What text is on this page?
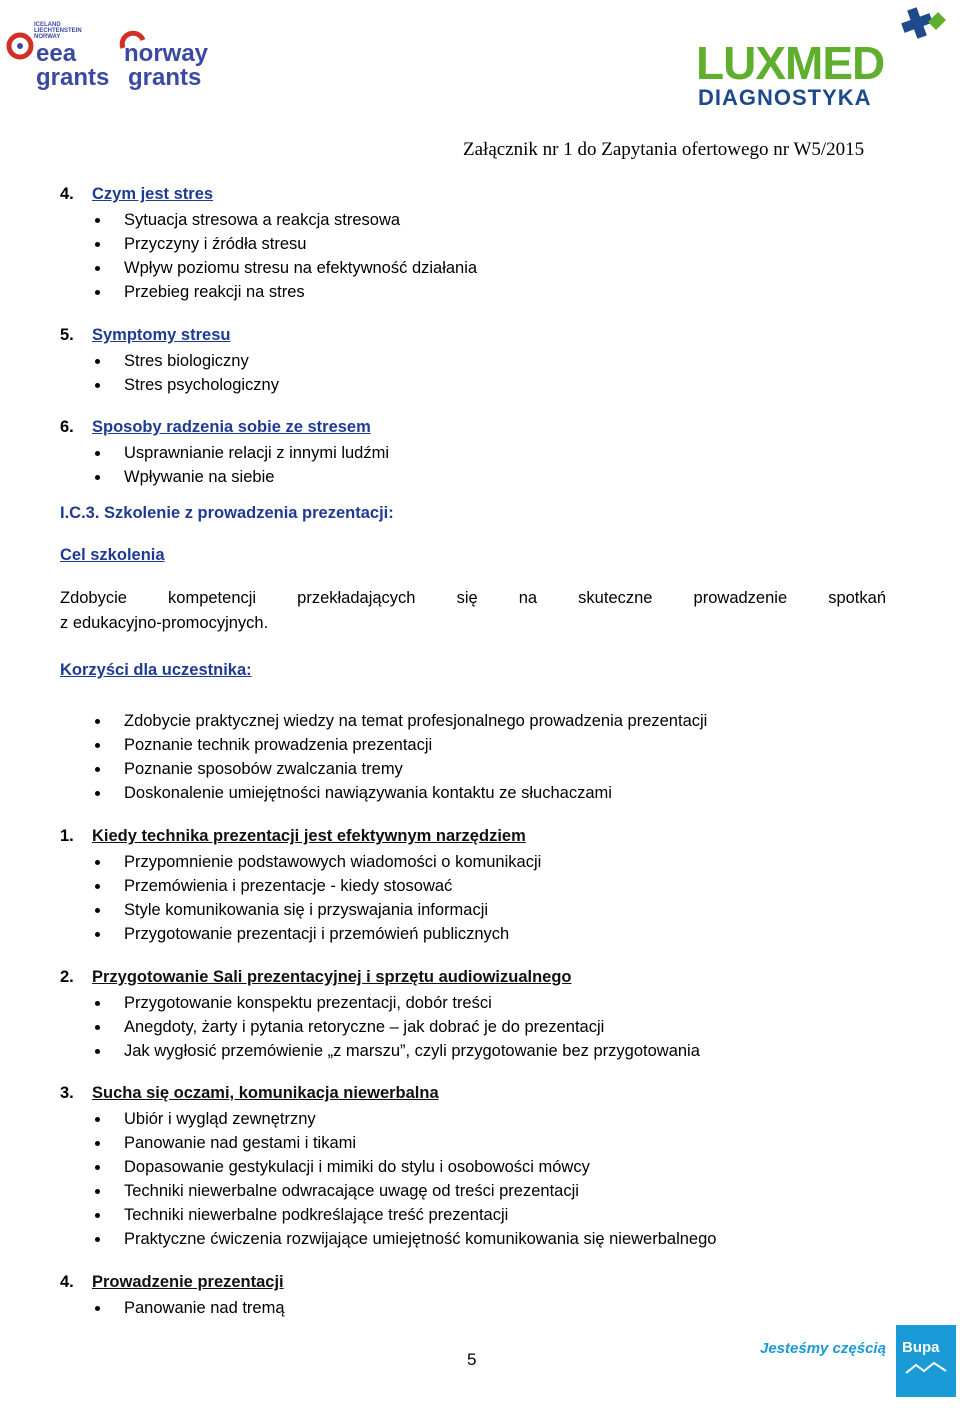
ICELAND
LIECHTENSTEIN
NORWAY
eea
grants
norway
grants	LUXMED
DIAGNOSTYKA
Załącznik nr 1 do Zapytania ofertowego nr W5/2015
4. Czym jest stres
Sytuacja stresowa a reakcja stresowa
Przyczyny i źródła stresu
Wpływ poziomu stresu na efektywność działania
Przebieg reakcji na stres
5. Symptomy stresu
Stres biologiczny
Stres psychologiczny
6. Sposoby radzenia sobie ze stresem
Usprawnianie relacji z innymi ludźmi
Wpływanie na siebie
I.C.3. Szkolenie z prowadzenia prezentacji:
Cel szkolenia
Zdobycie kompetencji przekładających się na skuteczne prowadzenie spotkań
z edukacyjno-promocyjnych.
Korzyści dla uczestnika:
Zdobycie praktycznej wiedzy na temat profesjonalnego prowadzenia prezentacji
Poznanie technik prowadzenia prezentacji
Poznanie sposobów zwalczania tremy
Doskonalenie umiejętności nawiązywania kontaktu ze słuchaczami
1. Kiedy technika prezentacji jest efektywnym narzędziem
Przypomnienie podstawowych wiadomości o komunikacji
Przemówienia i prezentacje - kiedy stosować
Style komunikowania się i przyswajania informacji
Przygotowanie prezentacji i przemówień publicznych
2. Przygotowanie Sali prezentacyjnej i sprzętu audiowizualnego
Przygotowanie konspektu prezentacji, dobór treści
Anegdoty, żarty i pytania retoryczne – jak dobrać je do prezentacji
Jak wygłosić przemówienie „z marszu”, czyli przygotowanie bez przygotowania
3. Sucha się oczami, komunikacja niewerbalna
Ubiór i wygląd zewnętrzny
Panowanie nad gestami i tikami
Dopasowanie gestykulacji i mimiki do stylu i osobowości mówcy
Techniki niewerbalne odwracające uwagę od treści prezentacji
Techniki niewerbalne podkreślające treść prezentacji
Praktyczne ćwiczenia rozwijające umiejętność komunikowania się niewerbalnego
4. Prowadzenie prezentacji
Panowanie nad tremą
5
Jesteśmy częścią Bupa
